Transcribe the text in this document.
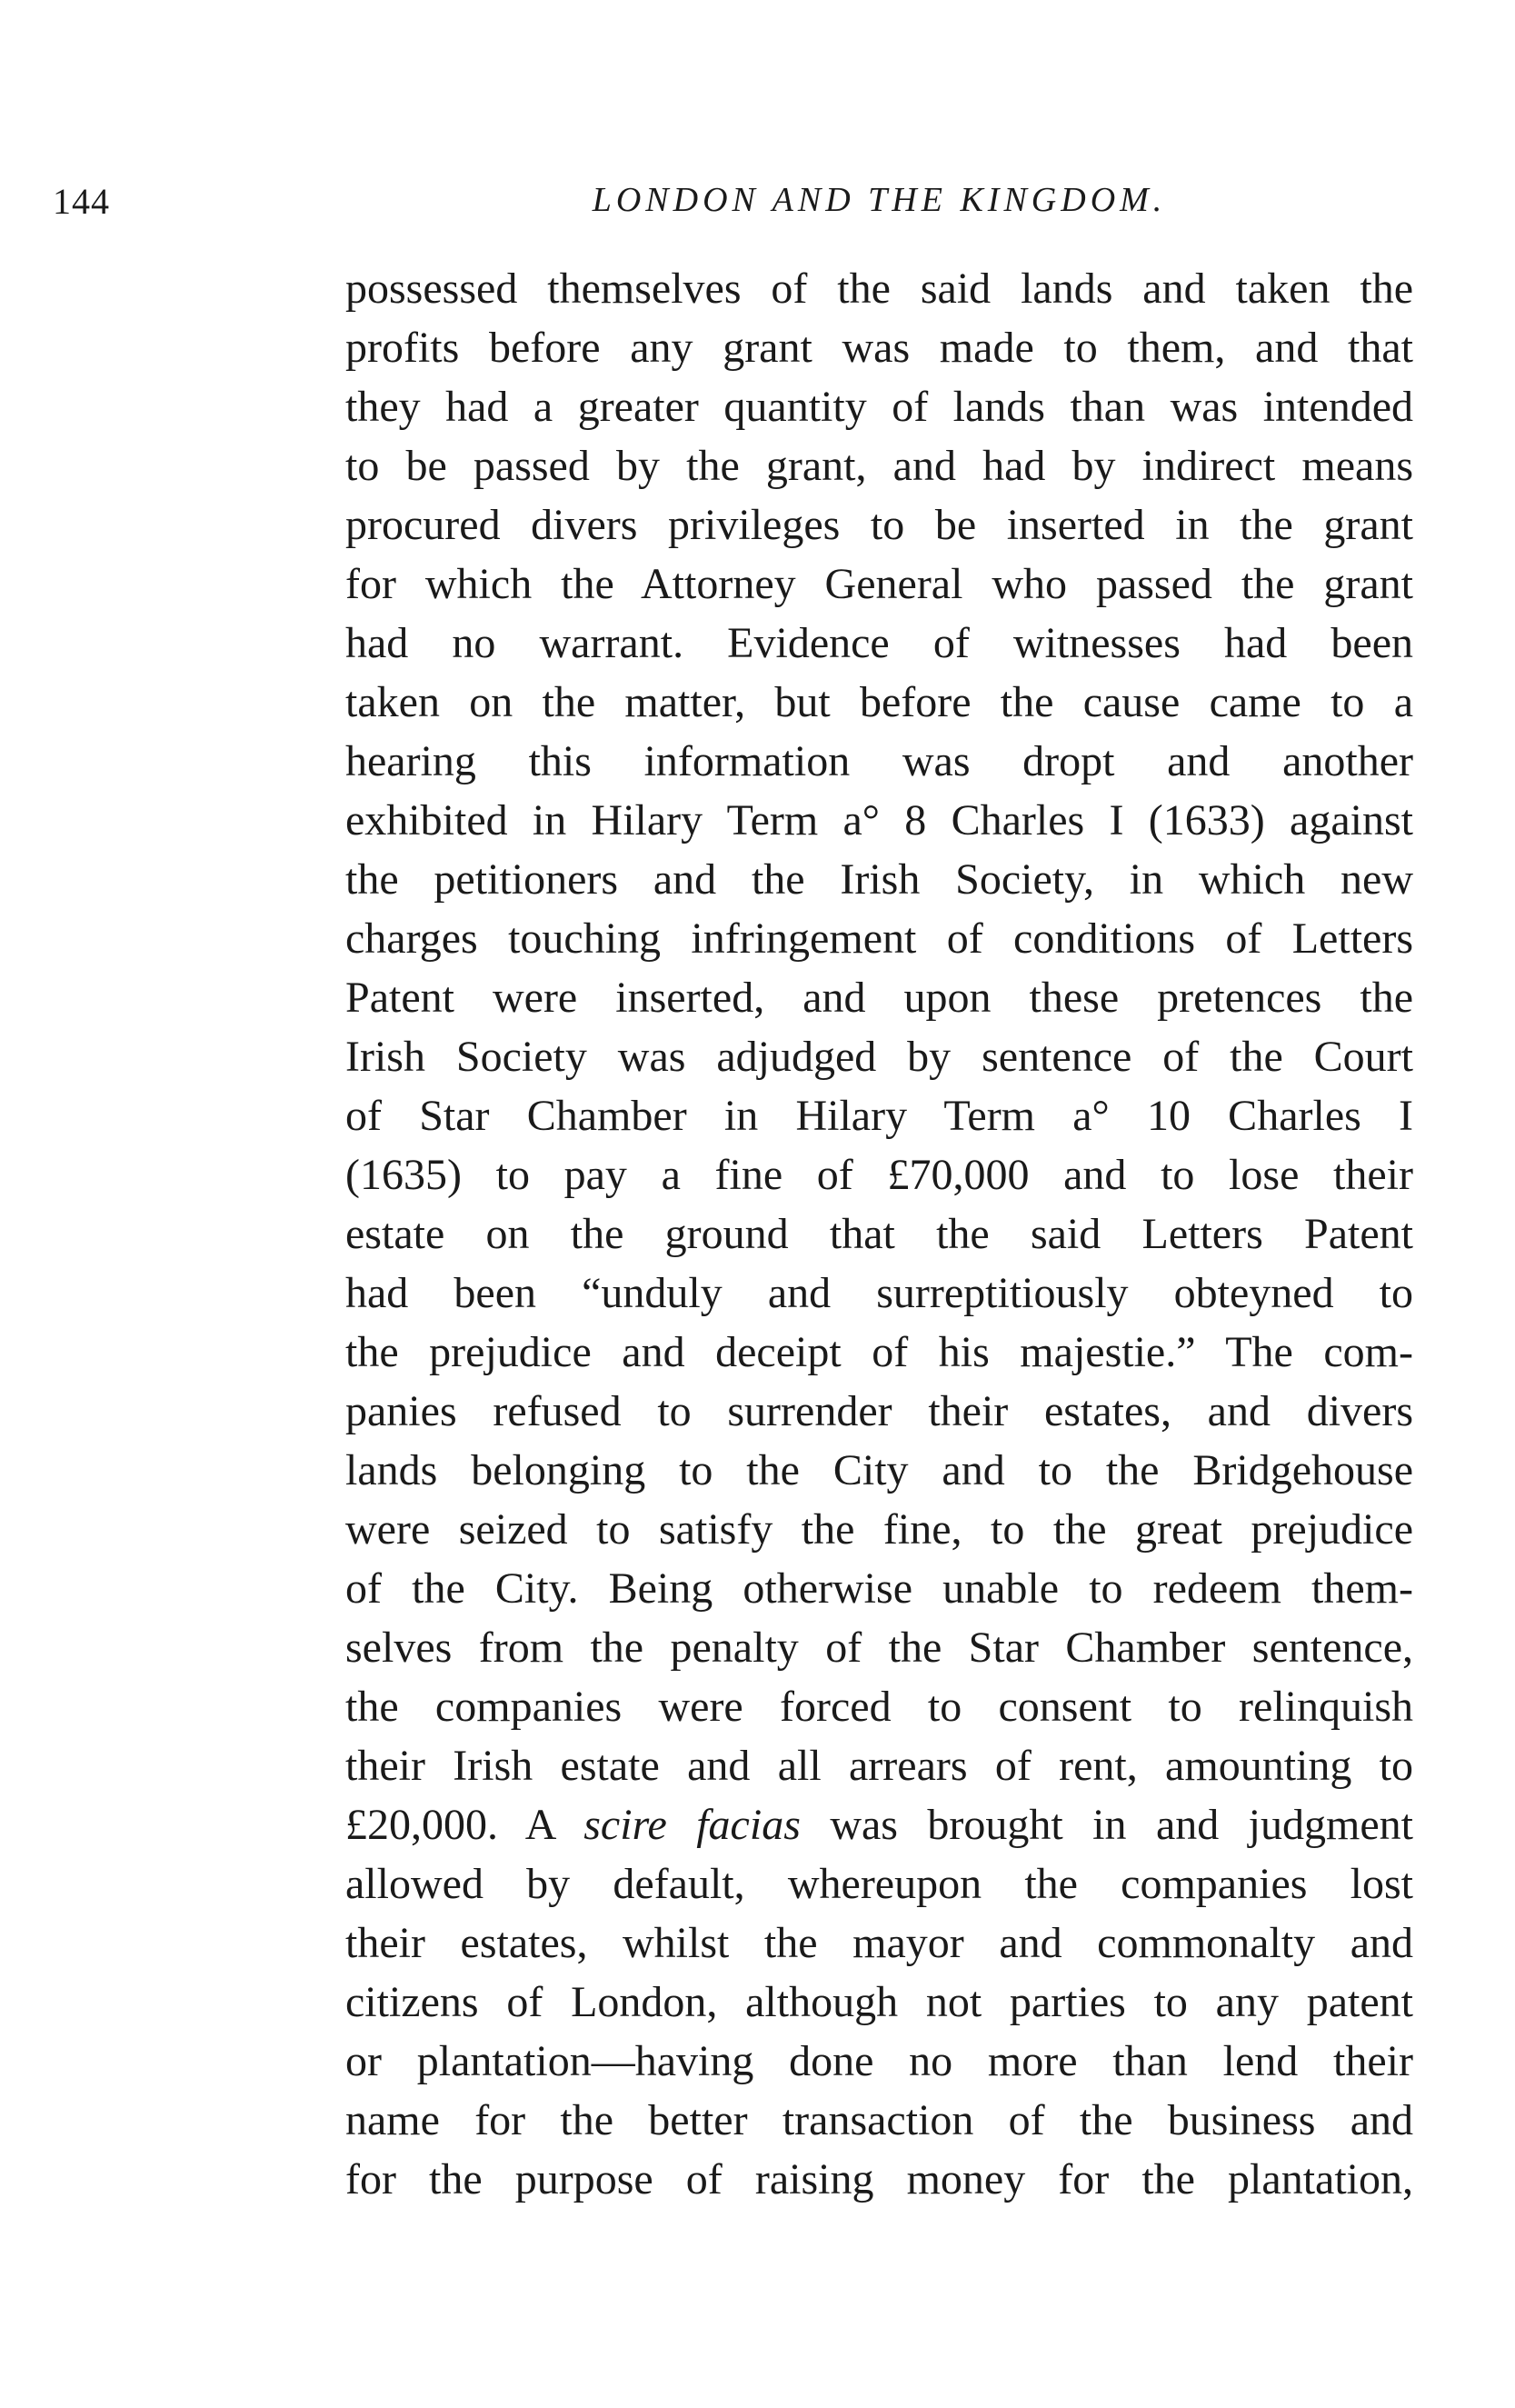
144	LONDON AND THE KINGDOM.
possessed themselves of the said lands and taken the
profits before any grant was made to them, and that
they had a greater quantity of lands than was intended
to be passed by the grant, and had by indirect means
procured divers privileges to be inserted in the grant
for which the Attorney General who passed the grant
had no warrant. Evidence of witnesses had been
taken on the matter, but before the cause came to a
hearing this information was dropt and another
exhibited in Hilary Term a° 8 Charles I (1633) against
the petitioners and the Irish Society, in which new
charges touching infringement of conditions of Letters
Patent were inserted, and upon these pretences the
Irish Society was adjudged by sentence of the Court
of Star Chamber in Hilary Term a° 10 Charles I
(1635) to pay a fine of £70,000 and to lose their
estate on the ground that the said Letters Patent
had been “unduly and surreptitiously obteyned to
the prejudice and deceipt of his majestie.” The com-
panies refused to surrender their estates, and divers
lands belonging to the City and to the Bridgehouse
were seized to satisfy the fine, to the great prejudice
of the City. Being otherwise unable to redeem them-
selves from the penalty of the Star Chamber sentence,
the companies were forced to consent to relinquish
their Irish estate and all arrears of rent, amounting to
£20,000. A scire facias was brought in and judgment
allowed by default, whereupon the companies lost
their estates, whilst the mayor and commonalty and
citizens of London, although not parties to any patent
or plantation—having done no more than lend their
name for the better transaction of the business and
for the purpose of raising money for the plantation,
